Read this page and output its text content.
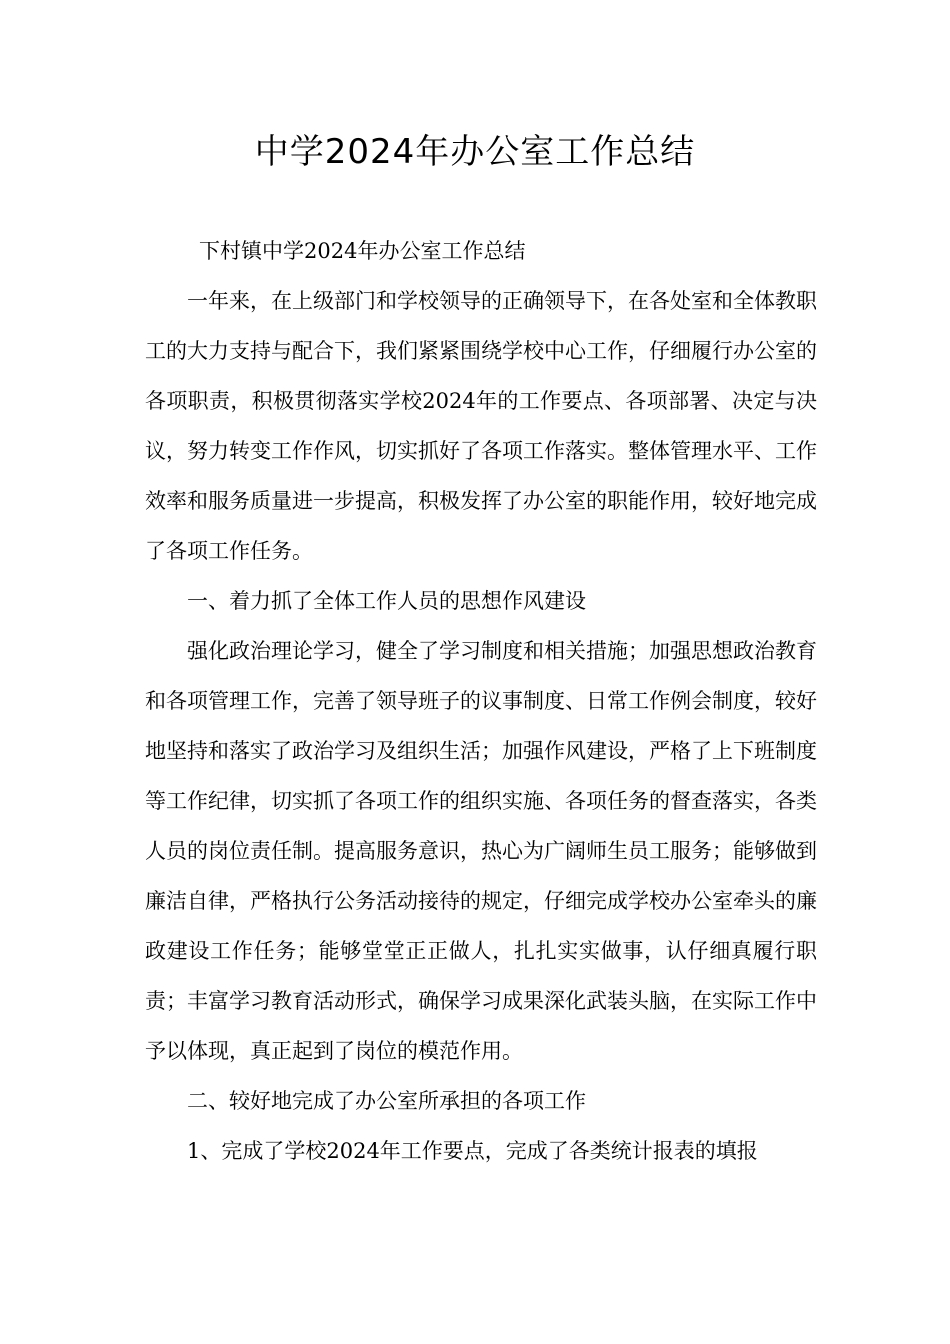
中学2024年办公室工作总结

下村镇中学2024年办公室工作总结

一年来，在上级部门和学校领导的正确领导下，在各处室和全体教职工的大力支持与配合下，我们紧紧围绕学校中心工作，仔细履行办公室的各项职责，积极贯彻落实学校2024年的工作要点、各项部署、决定与决议，努力转变工作作风，切实抓好了各项工作落实。整体管理水平、工作效率和服务质量进一步提高，积极发挥了办公室的职能作用，较好地完成了各项工作任务。

一、着力抓了全体工作人员的思想作风建设

强化政治理论学习，健全了学习制度和相关措施；加强思想政治教育和各项管理工作，完善了领导班子的议事制度、日常工作例会制度，较好地坚持和落实了政治学习及组织生活；加强作风建设，严格了上下班制度等工作纪律，切实抓了各项工作的组织实施、各项任务的督查落实，各类人员的岗位责任制。提高服务意识，热心为广阔师生员工服务；能够做到廉洁自律，严格执行公务活动接待的规定，仔细完成学校办公室牵头的廉政建设工作任务；能够堂堂正正做人，扎扎实实做事，认仔细真履行职责；丰富学习教育活动形式，确保学习成果深化武装头脑，在实际工作中予以体现，真正起到了岗位的模范作用。

二、较好地完成了办公室所承担的各项工作

1、完成了学校2024年工作要点，完成了各类统计报表的填报
